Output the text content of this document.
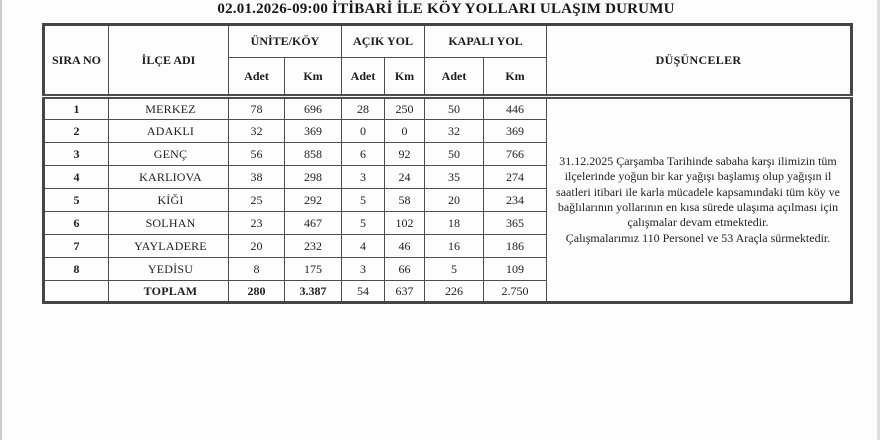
02.01.2026-09:00 İTİBARİ İLE KÖY YOLLARI ULAŞIM DURUMU
SIRA NO	İLÇE ADI	ÜNİTE/KÖY		AÇIK YOL		KAPALI YOL		DÜŞÜNCELER
		Adet	Km	Adet	Km	Adet	Km	
1	MERKEZ	78	696	28	250	50	446	31.12.2025 Çarşamba Tarihinde sabaha karşı ilimizin tüm ilçelerinde yoğun bir kar yağışı başlamış olup yağışın il saatleri itibari ile karla mücadele kapsamındaki tüm köy ve bağlılarının yollarının en kısa sürede ulaşıma açılması için çalışmalar devam etmektedir.

Çalışmalarımız 110 Personel ve 53 Araçla sürmektedir.

2	ADAKLI	32	369	0	0	32	369	
3	GENÇ	56	858	6	92	50	766	
4	KARLIOVA	38	298	3	24	35	274	
5	KİĞI	25	292	5	58	20	234	
6	SOLHAN	23	467	5	102	18	365	
7	YAYLADERE	20	232	4	46	16	186	
8	YEDİSU	8	175	3	66	5	109	
	TOPLAM	280	3.387	54	637	226	2.750	
